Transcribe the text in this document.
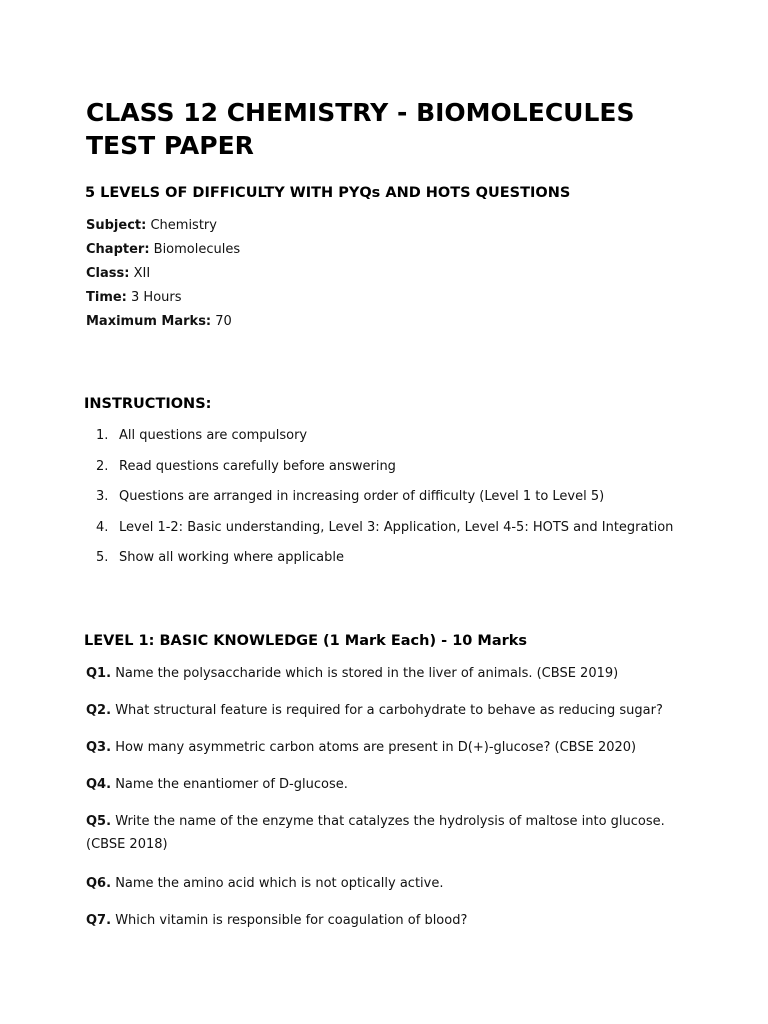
CLASS 12 CHEMISTRY - BIOMOLECULES TEST PAPER
5 LEVELS OF DIFFICULTY WITH PYQs AND HOTS QUESTIONS
Subject: Chemistry
Chapter: Biomolecules
Class: XII
Time: 3 Hours
Maximum Marks: 70
INSTRUCTIONS:
1. All questions are compulsory
2. Read questions carefully before answering
3. Questions are arranged in increasing order of difficulty (Level 1 to Level 5)
4. Level 1-2: Basic understanding, Level 3: Application, Level 4-5: HOTS and Integration
5. Show all working where applicable
LEVEL 1: BASIC KNOWLEDGE (1 Mark Each) - 10 Marks

Q1. Name the polysaccharide which is stored in the liver of animals. (CBSE 2019)

Q2. What structural feature is required for a carbohydrate to behave as reducing sugar?

Q3. How many asymmetric carbon atoms are present in D(+)-glucose? (CBSE 2020)

Q4. Name the enantiomer of D-glucose.

Q5. Write the name of the enzyme that catalyzes the hydrolysis of maltose into glucose. (CBSE 2018)

Q6. Name the amino acid which is not optically active.

Q7. Which vitamin is responsible for coagulation of blood?
